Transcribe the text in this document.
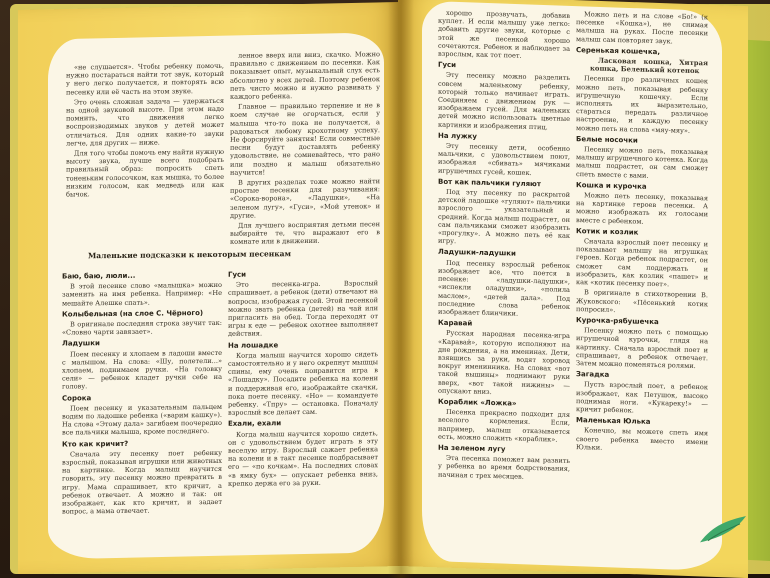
«не слушается». Чтобы ребенку помочь, нужно постараться найти тот звук, который у него легко получается, и повторять всю песенку или её часть на этом звуке.

Это очень сложная задача — удержаться на одной звуковой высоте. При этом надо помнить, что движения легко воспроизводимых звуков у детей может отличаться. Для одних какие-то звуки легче, для других — ниже.

Для того чтобы помочь ему найти нужную высоту звука, лучше всего подобрать правильный образ: попросить спеть тоненьким голосочком, как мышка, то более низким голосом, как медведь или как бычок.

ленное вверх или вниз, скачко. Можно правильно с движением по песенки. Как показывает опыт, музыкальный слух есть абсолютно у всех детей. Поэтому ребенок петь чисто можно и нужно развивать у каждого ребенка.

Главное — правильно терпение и не в коем случае не огорчаться, если у малыша что-то пока не получается, а радоваться любому крохотному успеху. Не форсируйте занятия! Если совместные песни будут доставлять ребенку удовольствие, не сомневайтесь, что рано или поздно и малыш обязательно научится!

В других разделах тоже можно найти простые песенки для разучивания: «Сорока-ворона», «Ладушки», «На зеленом лугу», «Гуси», «Мой утенок» и другие.

Для лучшего восприятия детьми песен выбирайте те, что выражают его в комнате или в движении.

Маленькие подсказки к некоторым песенкам
Баю, баю, люли...

В этой песенке слово «малышка» можно заменить на имя ребенка. Например: «Не мешайте Алешке спать».

Колыбельная (на слое С. Чёрного)

В оригинале последняя строка звучит так: «Словно чарти завязает».

Ладушки

Поем песенку и хлопаем в ладоши вместе с малышом. На слова: «Шу, полетели...» хлопаем, поднимаем ручки. «На головку сели» — ребенок кладет ручки себе на голову.

Сорока

Поем песенку и указательным пальцем водим по ладошке ребенка («варим кашку»). На слова «Этому дала» загибаем поочередно все пальчики малыша, кроме последнего.

Кто как кричит?

Сначала эту песенку поет ребенку взрослый, показывая игрушки или животных на картинке. Когда малыш научится говорить, эту песенку можно превратить в игру. Мама спрашивает, кто кричит, а ребенок отвечает. А можно и так: он изображает, как кто кричит, и задает вопрос, а мама отвечает.

Гуси

Это песенка-игра. Взрослый спрашивает, а ребенок (дети) отвечают на вопросы, изображая гусей. Этой песенкой можно звать ребенка (детей) на чай или пригласить на обед. Тогда переходят от игры к еде — ребенок охотнее выполняет действия.

На лошадке

Когда малыш научится хорошо сидеть самостоятельно и у него окрепнут мышцы спины, ему очень понравится игра в «Лошадку». Посадите ребенка на колени и поддерживая его, изображайте скачки, пока поете песенку. «Но» — командуете ребенку. «Тпру» — остановка. Поначалу взрослый все делает сам.

Ехали, ехали

Когда малыш научится хорошо сидеть, он с удовольствием будет играть в эту веселую игру. Взрослый сажает ребенка на колени и в такт песенке подбрасывает его — «по кочкам». На последних словах «в ямку бух» — опускает ребенка вниз, крепко держа его за руки.

хорошо прозвучать, добавив куплет. И если малышу уже легко: добавить другие звуки, которые с этой же песенкой хорошо сочетаются. Ребенок и наблюдает за взрослым, как тот поет.

Гуси

Эту песенку можно разделить совсем маленькому ребенку, который только начинает играть. Соединяем с движением рук — изображаем гусей. Для маленьких детей можно использовать цветные картинки и изображения птиц.

На лужку

Эту песенку дети, особенно мальчики, с удовольствием поют, изображая «сбивать» мячиками игрушечных гусей, кошек.

Вот как пальчики гуляют

Под эту песенку по раскрытой детской ладошке «гуляют» пальчики взрослого — указательный и средний. Когда малыш подрастет, он сам пальчиками сможет изобразить «прогулку». А можно петь её как игру.

Ладушки-ладушки

Под песенку взрослый ребенок изображает все, что поется в песенке: «ладушки-ладушки», «испекли оладушки», «полила маслом», «детей дала». Под последние слова ребенок изображает блинчики.

Каравай

Русская народная песенка-игра «Каравай», которую исполняют на дне рождения, а на именинах. Дети, взявшись за руки, водят хоровод вокруг именинника. На словах «вот такой вышины» поднимают руки вверх, «вот такой нижины» — опускают вниз.

Кораблик «Ложка»

Песенка прекрасно подходит для веселого кормления. Если, например, малыш отказывается есть, можно сложить «кораблик».

На зеленом лугу

Эта песенка поможет вам развить у ребенка во время бодрствования, начиная с трех месяцев.

Можно петь и на слове «Бо!» (к песенке «Кошка»), не снимая малыша на руках. После песенки малыш сам повторяет звук.

Серенькая кошечка,

Ласковая кошка, Хитрая кошка, Беленький котенок

Песенки про различных кошек можно петь, показывая ребенку игрушечную кошечку. Если исполнять их выразительно, стараться передать различное настроение, и каждую песенку можно петь на слова «мяу-мяу».

Белые носочки

Песенку можно петь, показывая малышу игрушечного котенка. Когда малыш подрастет, он сам сможет спеть вместе с вами.

Кошка и курочка

Можно петь песенку, показывая на картинке героев песенки. А можно изображать их голосами вместе с ребенком.

Котик и козлик

Сначала взрослый поет песенку и показывает малышу на игрушках героев. Когда ребенок подрастет, он сможет сам поддержать и изобразить, как козлик «пашет» и как «котик песенку поет».

В оригинале в стихотворении В. Жуковского: «Пёсенький котик попросил».

Курочка-рябушечка

Песенку можно петь с помощью игрушечной курочки, глядя на картинку. Сначала взрослый поет и спрашивает, а ребенок отвечает. Затем можно поменяться ролями.

Загадка

Пусть взрослый поет, а ребенок изображает, как Петушок, высоко поднимая ноги. «Кукареку!» — кричит ребенок.

Маленькая Юлька

Конечно, вы можете спеть имя своего ребенка вместо имени Юльки.
